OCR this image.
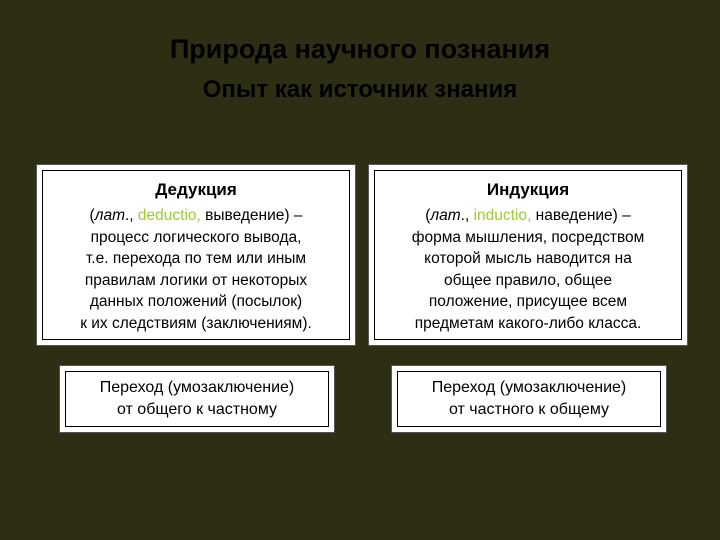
Природа научного познания
Опыт как источник знания
Дедукция
(лат., deductio, выведение) –
процесс логического вывода,
т.е. перехода по тем или иным
правилам логики от некоторых
данных положений (посылок)
к их следствиям (заключениям).
Индукция
(лат., inductio, наведение) –
форма мышления, посредством
которой мысль наводится на
общее правило, общее
положение, присущее всем
предметам какого-либо класса.
Переход (умозаключение)
от общего к частному
Переход (умозаключение)
от частного к общему
